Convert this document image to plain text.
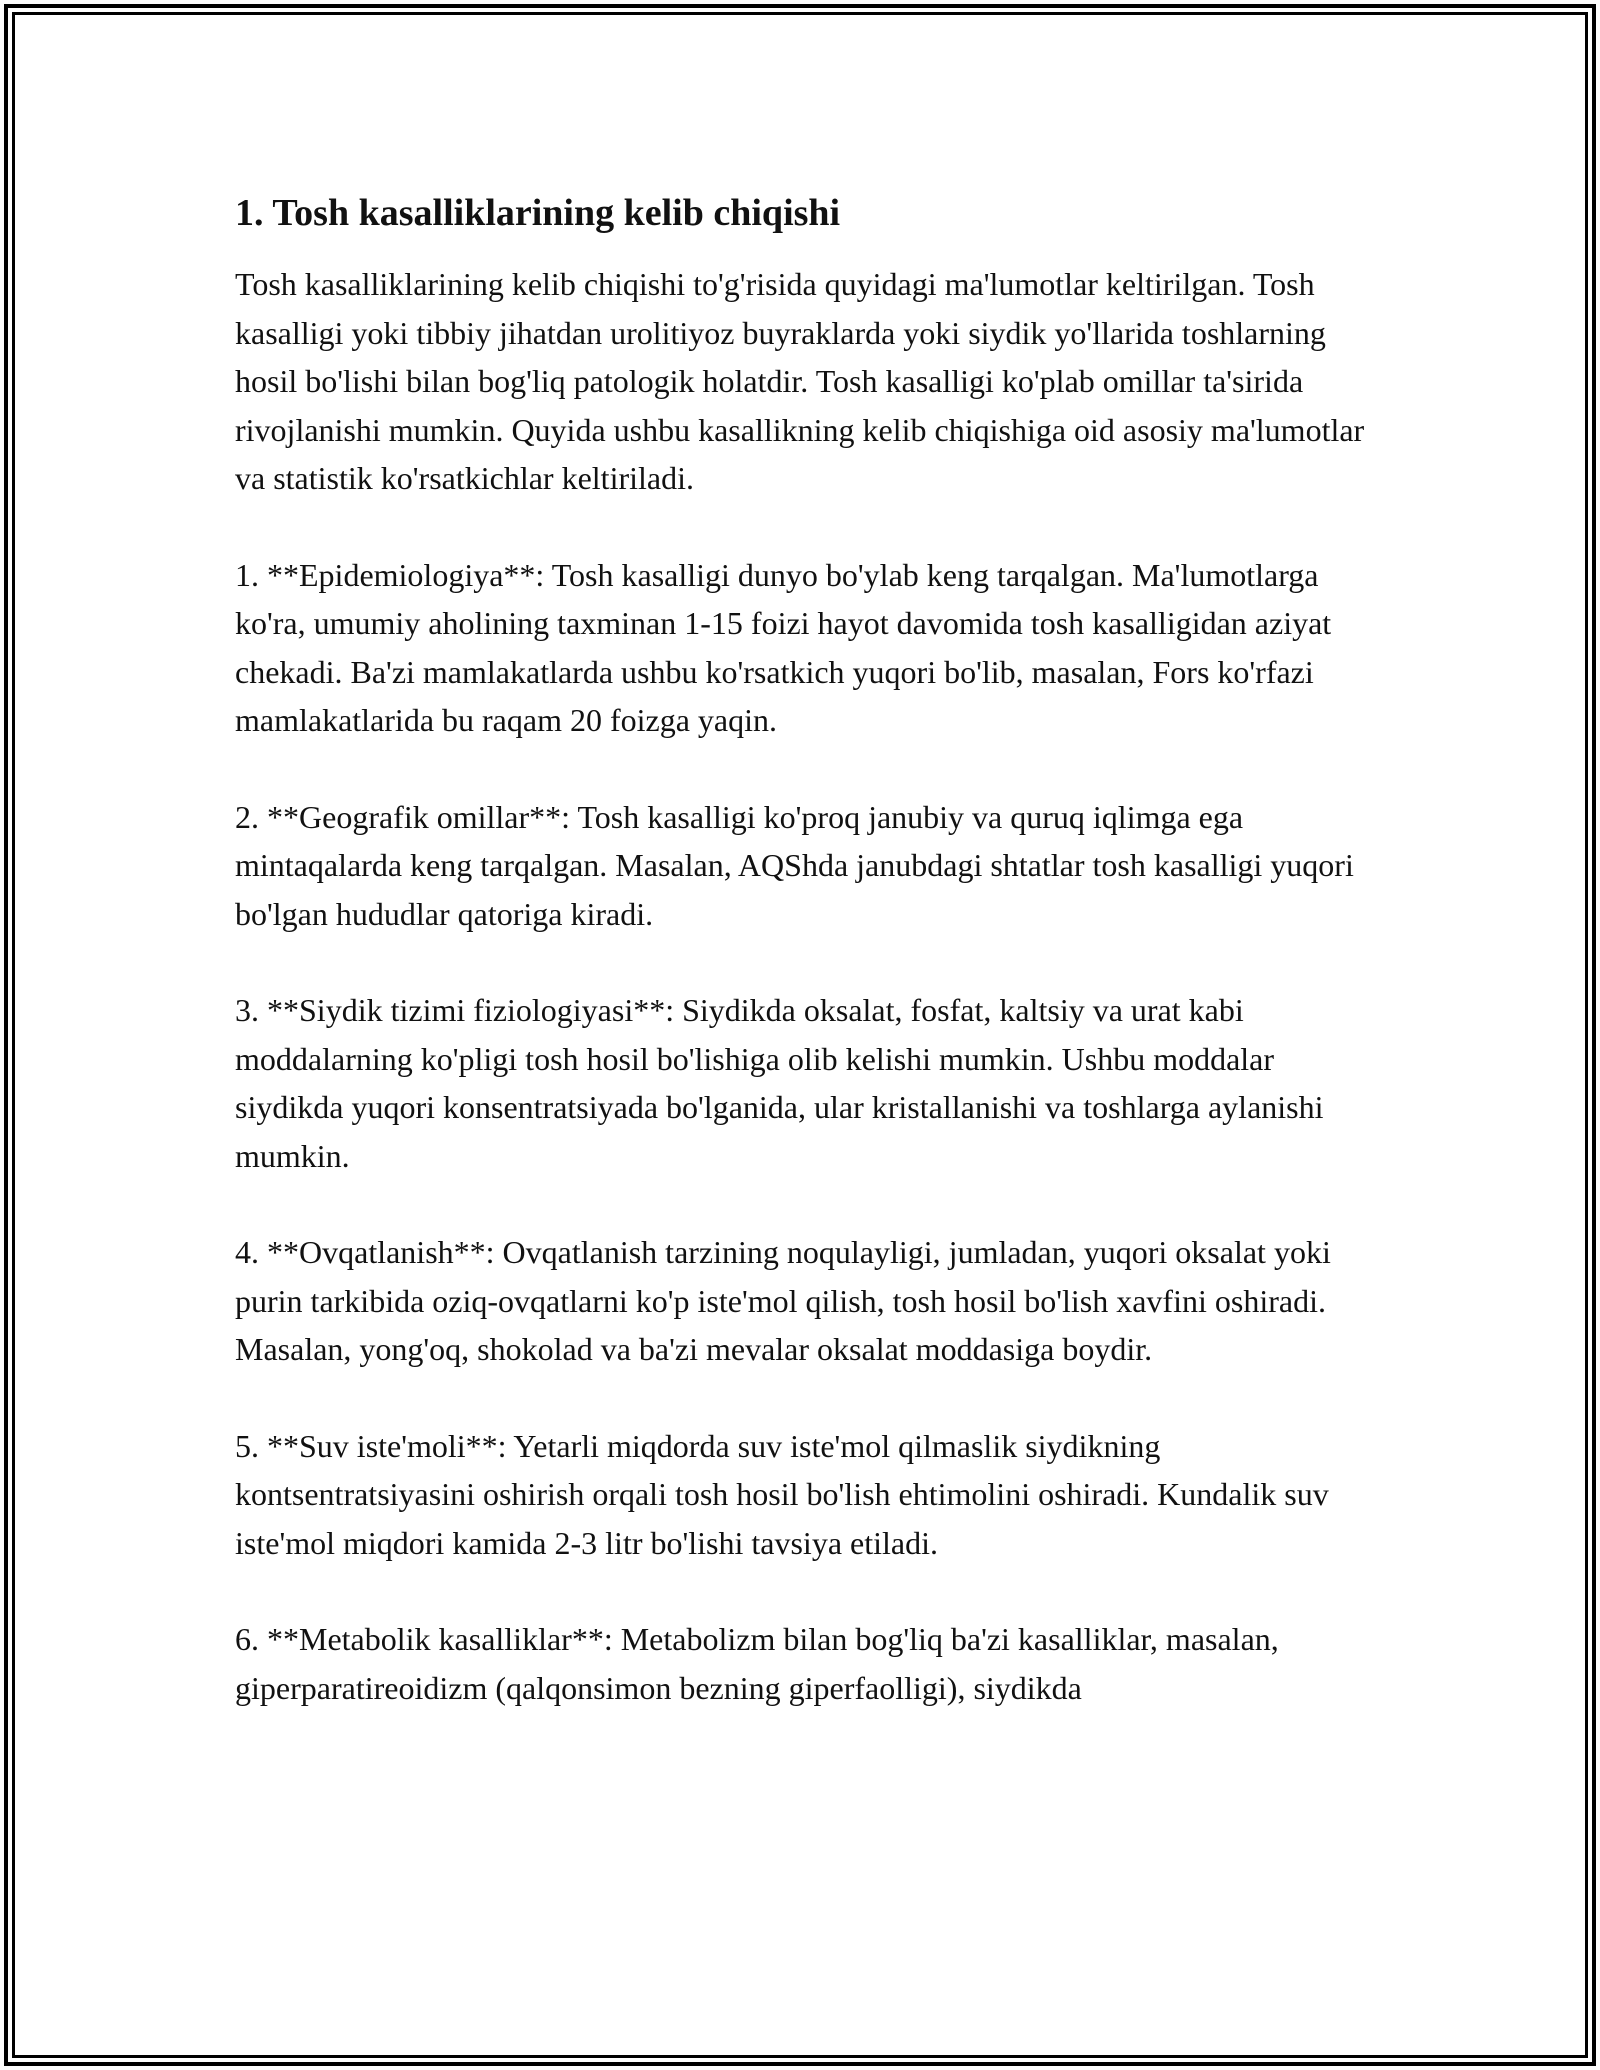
1. Tosh kasalliklarining kelib chiqishi

Tosh kasalliklarining kelib chiqishi to'g'risida quyidagi ma'lumotlar keltirilgan. Tosh kasalligi yoki tibbiy jihatdan urolitiyoz buyraklarda yoki siydik yo'llarida toshlarning hosil bo'lishi bilan bog'liq patologik holatdir. Tosh kasalligi ko'plab omillar ta'sirida rivojlanishi mumkin. Quyida ushbu kasallikning kelib chiqishiga oid asosiy ma'lumotlar va statistik ko'rsatkichlar keltiriladi.

1. **Epidemiologiya**: Tosh kasalligi dunyo bo'ylab keng tarqalgan. Ma'lumotlarga ko'ra, umumiy aholining taxminan 1-15 foizi hayot davomida tosh kasalligidan aziyat chekadi. Ba'zi mamlakatlarda ushbu ko'rsatkich yuqori bo'lib, masalan, Fors ko'rfazi mamlakatlarida bu raqam 20 foizga yaqin.

2. **Geografik omillar**: Tosh kasalligi ko'proq janubiy va quruq iqlimga ega mintaqalarda keng tarqalgan. Masalan, AQShda janubdagi shtatlar tosh kasalligi yuqori bo'lgan hududlar qatoriga kiradi.

3. **Siydik tizimi fiziologiyasi**: Siydikda oksalat, fosfat, kaltsiy va urat kabi moddalarning ko'pligi tosh hosil bo'lishiga olib kelishi mumkin. Ushbu moddalar siydikda yuqori konsentratsiyada bo'lganida, ular kristallanishi va toshlarga aylanishi mumkin.

4. **Ovqatlanish**: Ovqatlanish tarzining noqulayligi, jumladan, yuqori oksalat yoki purin tarkibida oziq-ovqatlarni ko'p iste'mol qilish, tosh hosil bo'lish xavfini oshiradi. Masalan, yong'oq, shokolad va ba'zi mevalar oksalat moddasiga boydir.

5. **Suv iste'moli**: Yetarli miqdorda suv iste'mol qilmaslik siydikning kontsentratsiyasini oshirish orqali tosh hosil bo'lish ehtimolini oshiradi. Kundalik suv iste'mol miqdori kamida 2-3 litr bo'lishi tavsiya etiladi.

6. **Metabolik kasalliklar**: Metabolizm bilan bog'liq ba'zi kasalliklar, masalan, giperparatireoidizm (qalqonsimon bezning giperfaolligi), siydikda
